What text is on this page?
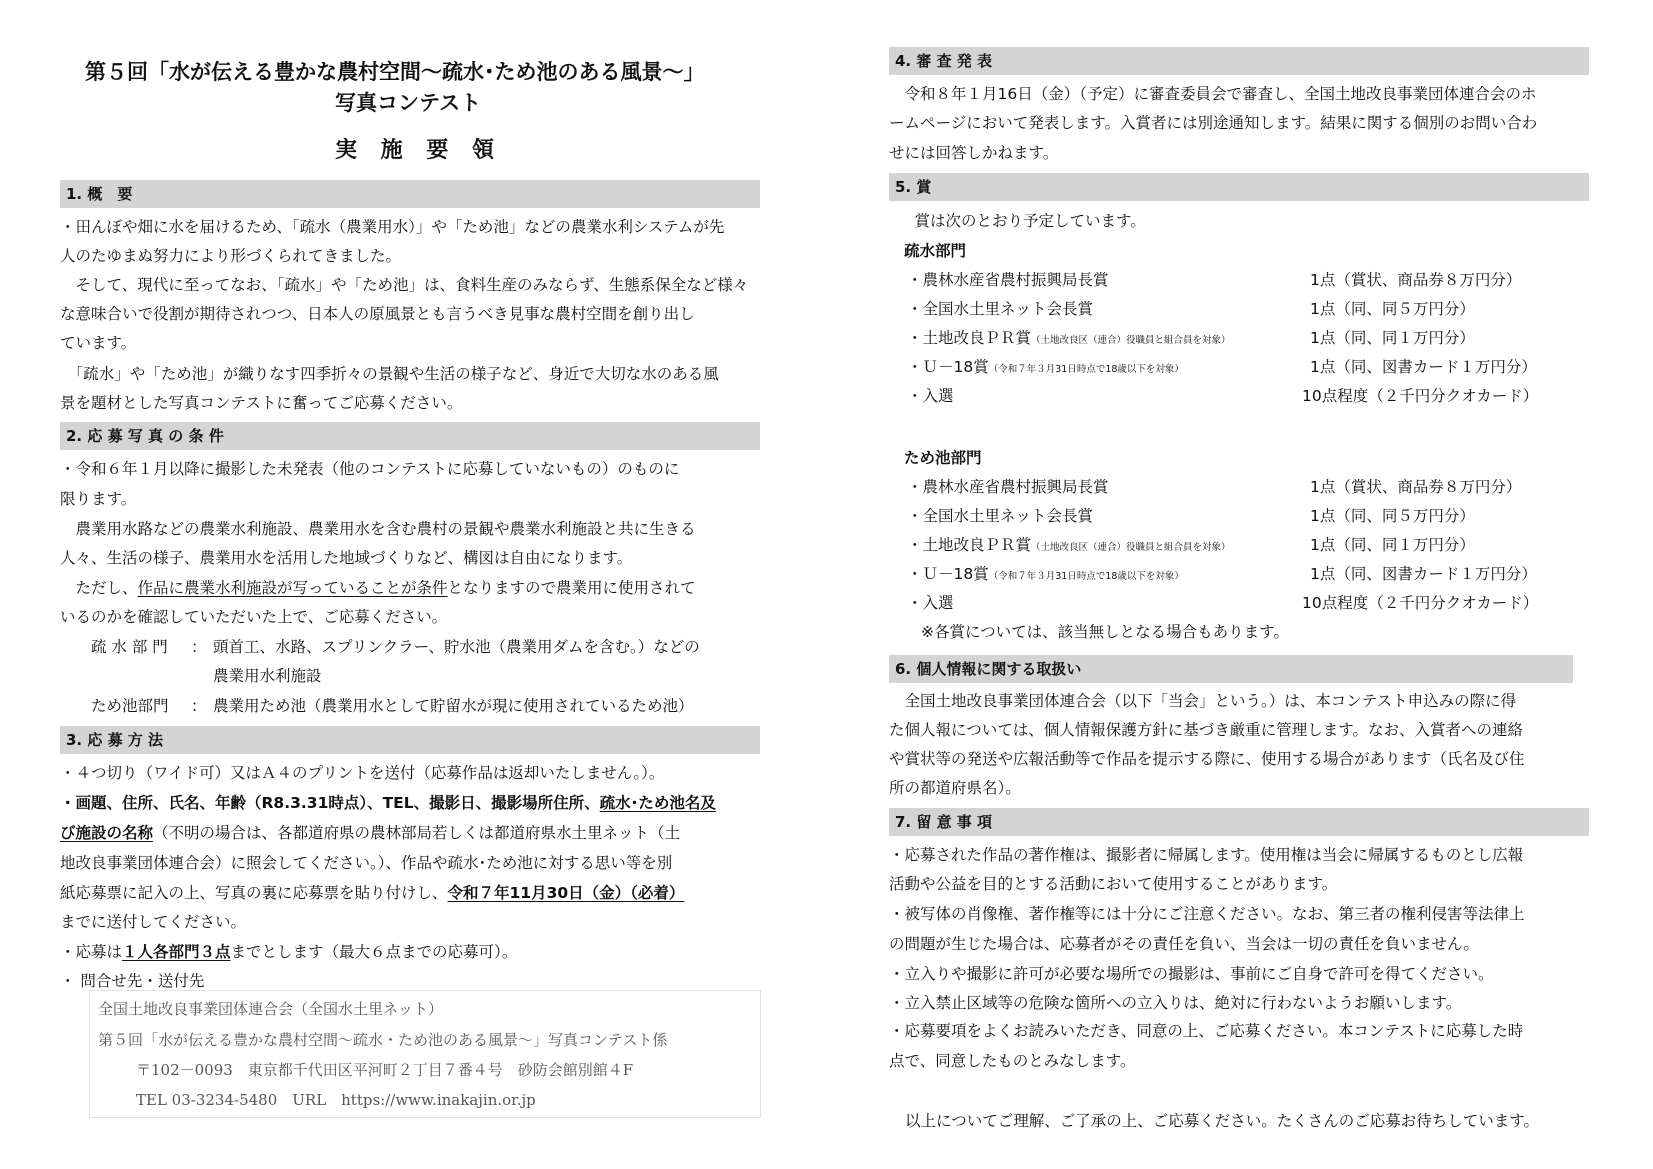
第５回「水が伝える豊かな農村空間～疏水･ため池のある風景～」
写真コンテスト
実 施 要 領
1. 概　要
・田んぼや畑に水を届けるため、「疏水（農業用水）」や「ため池」などの農業水利システムが先
人のたゆまぬ努力により形づくられてきました。
　そして、現代に至ってなお、「疏水」や「ため池」は、食料生産のみならず、生態系保全など様々
な意味合いで役割が期待されつつ、日本人の原風景とも言うべき見事な農村空間を創り出し
ています。
　「疏水」や「ため池」が織りなす四季折々の景観や生活の様子など、身近で大切な水のある風
景を題材とした写真コンテストに奮ってご応募ください。
2. 応 募 写 真 の 条 件
・令和６年１月以降に撮影した未発表（他のコンテストに応募していないもの）のものに
限ります。
　農業用水路などの農業水利施設、農業用水を含む農村の景観や農業水利施設と共に生きる
人々、生活の様子、農業用水を活用した地域づくりなど、構図は自由になります。
　ただし、作品に農業水利施設が写っていることが条件となりますので農業用に使用されて
いるのかを確認していただいた上で、ご応募ください。
疏 水 部 門 ： 頭首工、水路、スプリンクラー、貯水池（農業用ダムを含む。）などの
農業用水利施設
ため池部門 ： 農業用ため池（農業用水として貯留水が現に使用されているため池）
3. 応 募 方 法
・４つ切り（ワイド可）又はＡ４のプリントを送付（応募作品は返却いたしません。）。
・画題、住所、氏名、年齢（R8.3.31時点）、TEL、撮影日、撮影場所住所、疏水･ため池名及
び施設の名称（不明の場合は、各都道府県の農林部局若しくは都道府県水土里ネット（土
地改良事業団体連合会）に照会してください。）、作品や疏水･ため池に対する思い等を別
紙応募票に記入の上、写真の裏に応募票を貼り付けし、令和７年11月30日（金）（必着）
までに送付してください。
・応募は１人各部門３点までとします（最大６点までの応募可）。
・ 問合せ先・送付先
全国土地改良事業団体連合会（全国水土里ネット）
第５回「水が伝える豊かな農村空間～疏水・ため池のある風景～」写真コンテスト係
〒102－0093　東京都千代田区平河町２丁目７番４号　砂防会館別館４F
TEL 03-3234-5480　URL　https://www.inakajin.or.jp
4. 審 査 発 表
　令和８年１月16日（金）（予定）に審査委員会で審査し、全国土地改良事業団体連合会のホ
ームページにおいて発表します。入賞者には別途通知します。結果に関する個別のお問い合わ
せには回答しかねます。
5. 賞
　賞は次のとおり予定しています。
疏水部門
・農林水産省農村振興局長賞	1点（賞状、商品券８万円分）
・全国水土里ネット会長賞	1点（同、同５万円分）
・土地改良ＰＲ賞（土地改良区（連合）役職員と組合員を対象）	1点（同、同１万円分）
・Ｕ－18賞（令和７年３月31日時点で18歳以下を対象）	1点（同、図書カード１万円分）
・入選	10点程度（２千円分クオカード）
ため池部門
・農林水産省農村振興局長賞	1点（賞状、商品券８万円分）
・全国水土里ネット会長賞	1点（同、同５万円分）
・土地改良ＰＲ賞（土地改良区（連合）役職員と組合員を対象）	1点（同、同１万円分）
・Ｕ－18賞（令和７年３月31日時点で18歳以下を対象）	1点（同、図書カード１万円分）
・入選	10点程度（２千円分クオカード）
※各賞については、該当無しとなる場合もあります。
6. 個人情報に関する取扱い
　全国土地改良事業団体連合会（以下「当会」という。）は、本コンテスト申込みの際に得
た個人報については、個人情報保護方針に基づき厳重に管理します。なお、入賞者への連絡
や賞状等の発送や広報活動等で作品を提示する際に、使用する場合があります（氏名及び住
所の都道府県名）。
7. 留 意 事 項
・応募された作品の著作権は、撮影者に帰属します。使用権は当会に帰属するものとし広報
活動や公益を目的とする活動において使用することがあります。
・被写体の肖像権、著作権等には十分にご注意ください。なお、第三者の権利侵害等法律上
の問題が生じた場合は、応募者がその責任を負い、当会は一切の責任を負いません。
・立入りや撮影に許可が必要な場所での撮影は、事前にご自身で許可を得てください。
・立入禁止区域等の危険な箇所への立入りは、絶対に行わないようお願いします。
・応募要項をよくお読みいただき、同意の上、ご応募ください。本コンテストに応募した時
点で、同意したものとみなします。
以上についてご理解、ご了承の上、ご応募ください。たくさんのご応募お待ちしています。
